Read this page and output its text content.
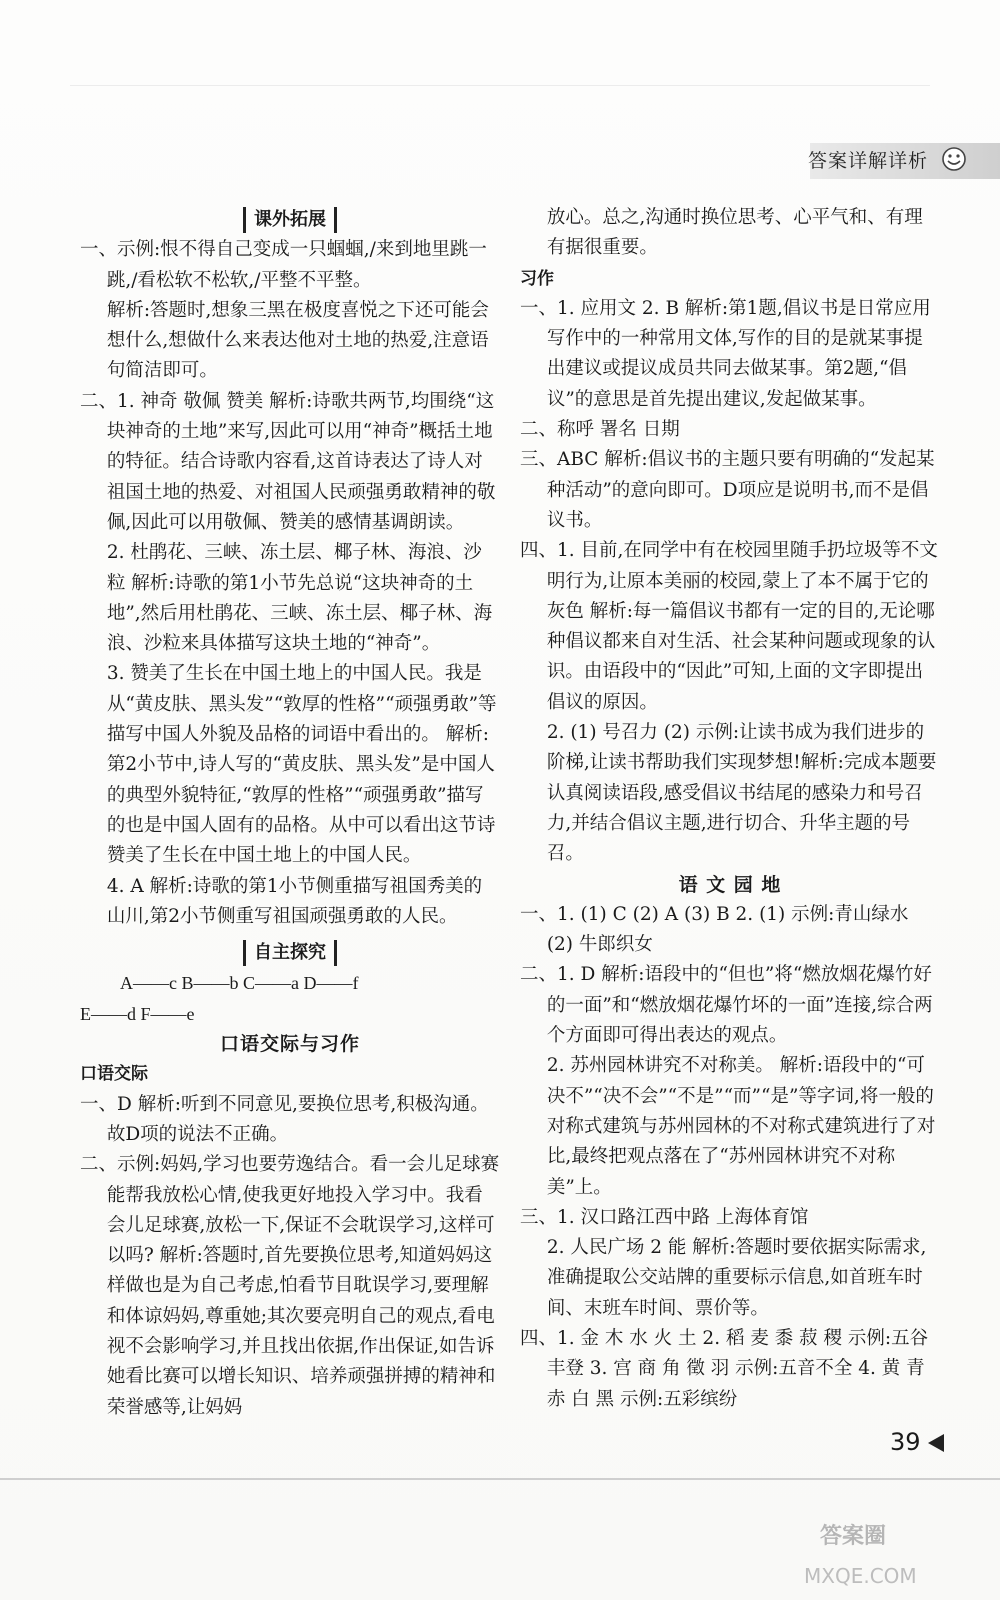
答案详解详析

课外拓展

一、示例:恨不得自己变成一只蝈蝈,/来到地里跳一跳,/看松软不松软,/平整不平整。

解析:答题时,想象三黑在极度喜悦之下还可能会想什么,想做什么来表达他对土地的热爱,注意语句简洁即可。

二、1. 神奇 敬佩 赞美 解析:诗歌共两节,均围绕“这块神奇的土地”来写,因此可以用“神奇”概括土地的特征。结合诗歌内容看,这首诗表达了诗人对祖国土地的热爱、对祖国人民顽强勇敢精神的敬佩,因此可以用敬佩、赞美的感情基调朗读。

2. 杜鹃花、三峡、冻土层、椰子林、海浪、沙粒 解析:诗歌的第1小节先总说“这块神奇的土地”,然后用杜鹃花、三峡、冻土层、椰子林、海浪、沙粒来具体描写这块土地的“神奇”。

3. 赞美了生长在中国土地上的中国人民。我是从“黄皮肤、黑头发”“敦厚的性格”“顽强勇敢”等描写中国人外貌及品格的词语中看出的。 解析:第2小节中,诗人写的“黄皮肤、黑头发”是中国人的典型外貌特征,“敦厚的性格”“顽强勇敢”描写的也是中国人固有的品格。从中可以看出这节诗赞美了生长在中国土地上的中国人民。

4. A 解析:诗歌的第1小节侧重描写祖国秀美的山川,第2小节侧重写祖国顽强勇敢的人民。

自主探究

A——c B——b C——a D——f

E——d F——e

口语交际与习作

口语交际

一、D 解析:听到不同意见,要换位思考,积极沟通。故D项的说法不正确。

二、示例:妈妈,学习也要劳逸结合。看一会儿足球赛能帮我放松心情,使我更好地投入学习中。我看会儿足球赛,放松一下,保证不会耽误学习,这样可以吗? 解析:答题时,首先要换位思考,知道妈妈这样做也是为自己考虑,怕看节目耽误学习,要理解和体谅妈妈,尊重她;其次要亮明自己的观点,看电视不会影响学习,并且找出依据,作出保证,如告诉她看比赛可以增长知识、培养顽强拼搏的精神和荣誉感等,让妈妈

放心。总之,沟通时换位思考、心平气和、有理有据很重要。

习作

一、1. 应用文 2. B 解析:第1题,倡议书是日常应用写作中的一种常用文体,写作的目的是就某事提出建议或提议成员共同去做某事。第2题,“倡议”的意思是首先提出建议,发起做某事。

二、称呼 署名 日期

三、ABC 解析:倡议书的主题只要有明确的“发起某种活动”的意向即可。D项应是说明书,而不是倡议书。

四、1. 目前,在同学中有在校园里随手扔垃圾等不文明行为,让原本美丽的校园,蒙上了本不属于它的灰色 解析:每一篇倡议书都有一定的目的,无论哪种倡议都来自对生活、社会某种问题或现象的认识。由语段中的“因此”可知,上面的文字即提出倡议的原因。

2. (1) 号召力 (2) 示例:让读书成为我们进步的阶梯,让读书帮助我们实现梦想!解析:完成本题要认真阅读语段,感受倡议书结尾的感染力和号召力,并结合倡议主题,进行切合、升华主题的号召。

语 文 园 地

一、1. (1) C (2) A (3) B 2. (1) 示例:青山绿水 (2) 牛郎织女

二、1. D 解析:语段中的“但也”将“燃放烟花爆竹好的一面”和“燃放烟花爆竹坏的一面”连接,综合两个方面即可得出表达的观点。

2. 苏州园林讲究不对称美。 解析:语段中的“可决不”“决不会”“不是”“而”“是”等字词,将一般的对称式建筑与苏州园林的不对称式建筑进行了对比,最终把观点落在了“苏州园林讲究不对称美”上。

三、1. 汉口路江西中路 上海体育馆

2. 人民广场 2 能 解析:答题时要依据实际需求,准确提取公交站牌的重要标示信息,如首班车时间、末班车时间、票价等。

四、1. 金 木 水 火 土 2. 稻 麦 黍 菽 稷 示例:五谷丰登 3. 宫 商 角 徵 羽 示例:五音不全 4. 黄 青 赤 白 黑 示例:五彩缤纷

39
答案圈
MXQE.COM
